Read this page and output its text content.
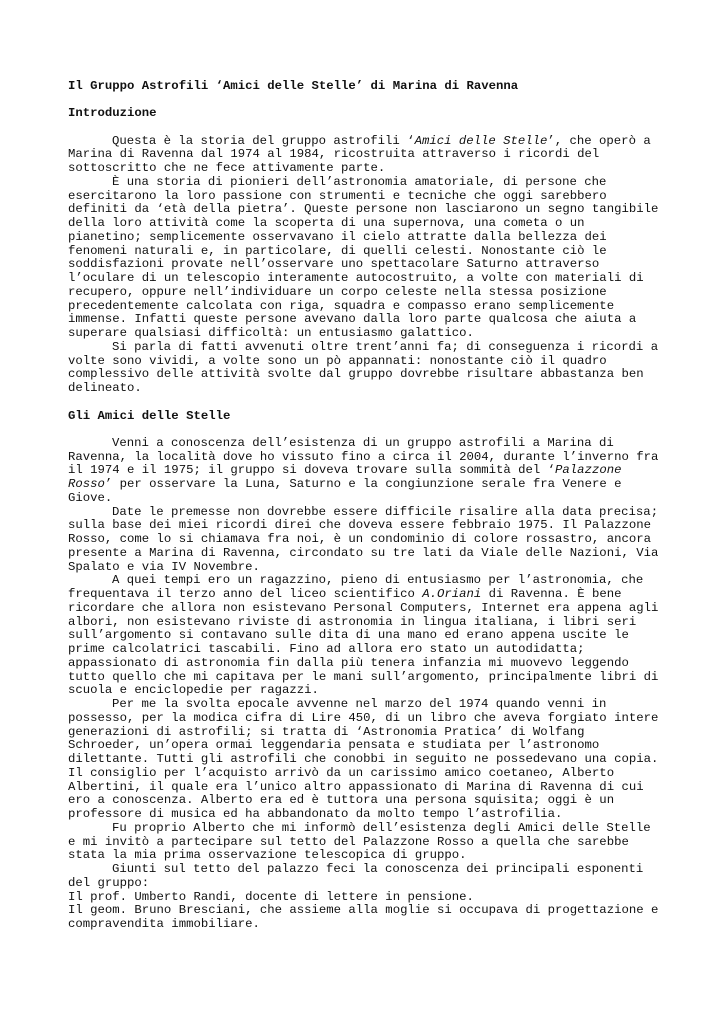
Il Gruppo Astrofili ‘Amici delle Stelle’ di Marina di Ravenna
Introduzione
Questa è la storia del gruppo astrofili ‘Amici delle Stelle’, che operò a
Marina di Ravenna dal 1974 al 1984, ricostruita attraverso i ricordi del
sottoscritto che ne fece attivamente parte.
È una storia di pionieri dell’astronomia amatoriale, di persone che
esercitarono la loro passione con strumenti e tecniche che oggi sarebbero
definiti da ‘età della pietra’. Queste persone non lasciarono un segno tangibile
della loro attività come la scoperta di una supernova, una cometa o un
pianetino; semplicemente osservavano il cielo attratte dalla bellezza dei
fenomeni naturali e, in particolare, di quelli celesti. Nonostante ciò le
soddisfazioni provate nell’osservare uno spettacolare Saturno attraverso
l’oculare di un telescopio interamente autocostruito, a volte con materiali di
recupero, oppure nell’individuare un corpo celeste nella stessa posizione
precedentemente calcolata con riga, squadra e compasso erano semplicemente
immense. Infatti queste persone avevano dalla loro parte qualcosa che aiuta a
superare qualsiasi difficoltà: un entusiasmo galattico.
Si parla di fatti avvenuti oltre trent’anni fa; di conseguenza i ricordi a
volte sono vividi, a volte sono un pò appannati: nonostante ciò il quadro
complessivo delle attività svolte dal gruppo dovrebbe risultare abbastanza ben
delineato.
Gli Amici delle Stelle
Venni a conoscenza dell’esistenza di un gruppo astrofili a Marina di
Ravenna, la località dove ho vissuto fino a circa il 2004, durante l’inverno fra
il 1974 e il 1975; il gruppo si doveva trovare sulla sommità del ‘Palazzone
Rosso’ per osservare la Luna, Saturno e la congiunzione serale fra Venere e
Giove.
Date le premesse non dovrebbe essere difficile risalire alla data precisa;
sulla base dei miei ricordi direi che doveva essere febbraio 1975. Il Palazzone
Rosso, come lo si chiamava fra noi, è un condominio di colore rossastro, ancora
presente a Marina di Ravenna, circondato su tre lati da Viale delle Nazioni, Via
Spalato e via IV Novembre.
A quei tempi ero un ragazzino, pieno di entusiasmo per l’astronomia, che
frequentava il terzo anno del liceo scientifico A.Oriani di Ravenna. È bene
ricordare che allora non esistevano Personal Computers, Internet era appena agli
albori, non esistevano riviste di astronomia in lingua italiana, i libri seri
sull’argomento si contavano sulle dita di una mano ed erano appena uscite le
prime calcolatrici tascabili. Fino ad allora ero stato un autodidatta;
appassionato di astronomia fin dalla più tenera infanzia mi muovevo leggendo
tutto quello che mi capitava per le mani sull’argomento, principalmente libri di
scuola e enciclopedie per ragazzi.
Per me la svolta epocale avvenne nel marzo del 1974 quando venni in
possesso, per la modica cifra di Lire 450, di un libro che aveva forgiato intere
generazioni di astrofili; si tratta di ‘Astronomia Pratica’ di Wolfang
Schroeder, un’opera ormai leggendaria pensata e studiata per l’astronomo
dilettante. Tutti gli astrofili che conobbi in seguito ne possedevano una copia.
Il consiglio per l’acquisto arrivò da un carissimo amico coetaneo, Alberto
Albertini, il quale era l’unico altro appassionato di Marina di Ravenna di cui
ero a conoscenza. Alberto era ed è tuttora una persona squisita; oggi è un
professore di musica ed ha abbandonato da molto tempo l’astrofilia.
Fu proprio Alberto che mi informò dell’esistenza degli Amici delle Stelle
e mi invitò a partecipare sul tetto del Palazzone Rosso a quella che sarebbe
stata la mia prima osservazione telescopica di gruppo.
Giunti sul tetto del palazzo feci la conoscenza dei principali esponenti
del gruppo:
Il prof. Umberto Randi, docente di lettere in pensione.
Il geom. Bruno Bresciani, che assieme alla moglie si occupava di progettazione e
compravendita immobiliare.
